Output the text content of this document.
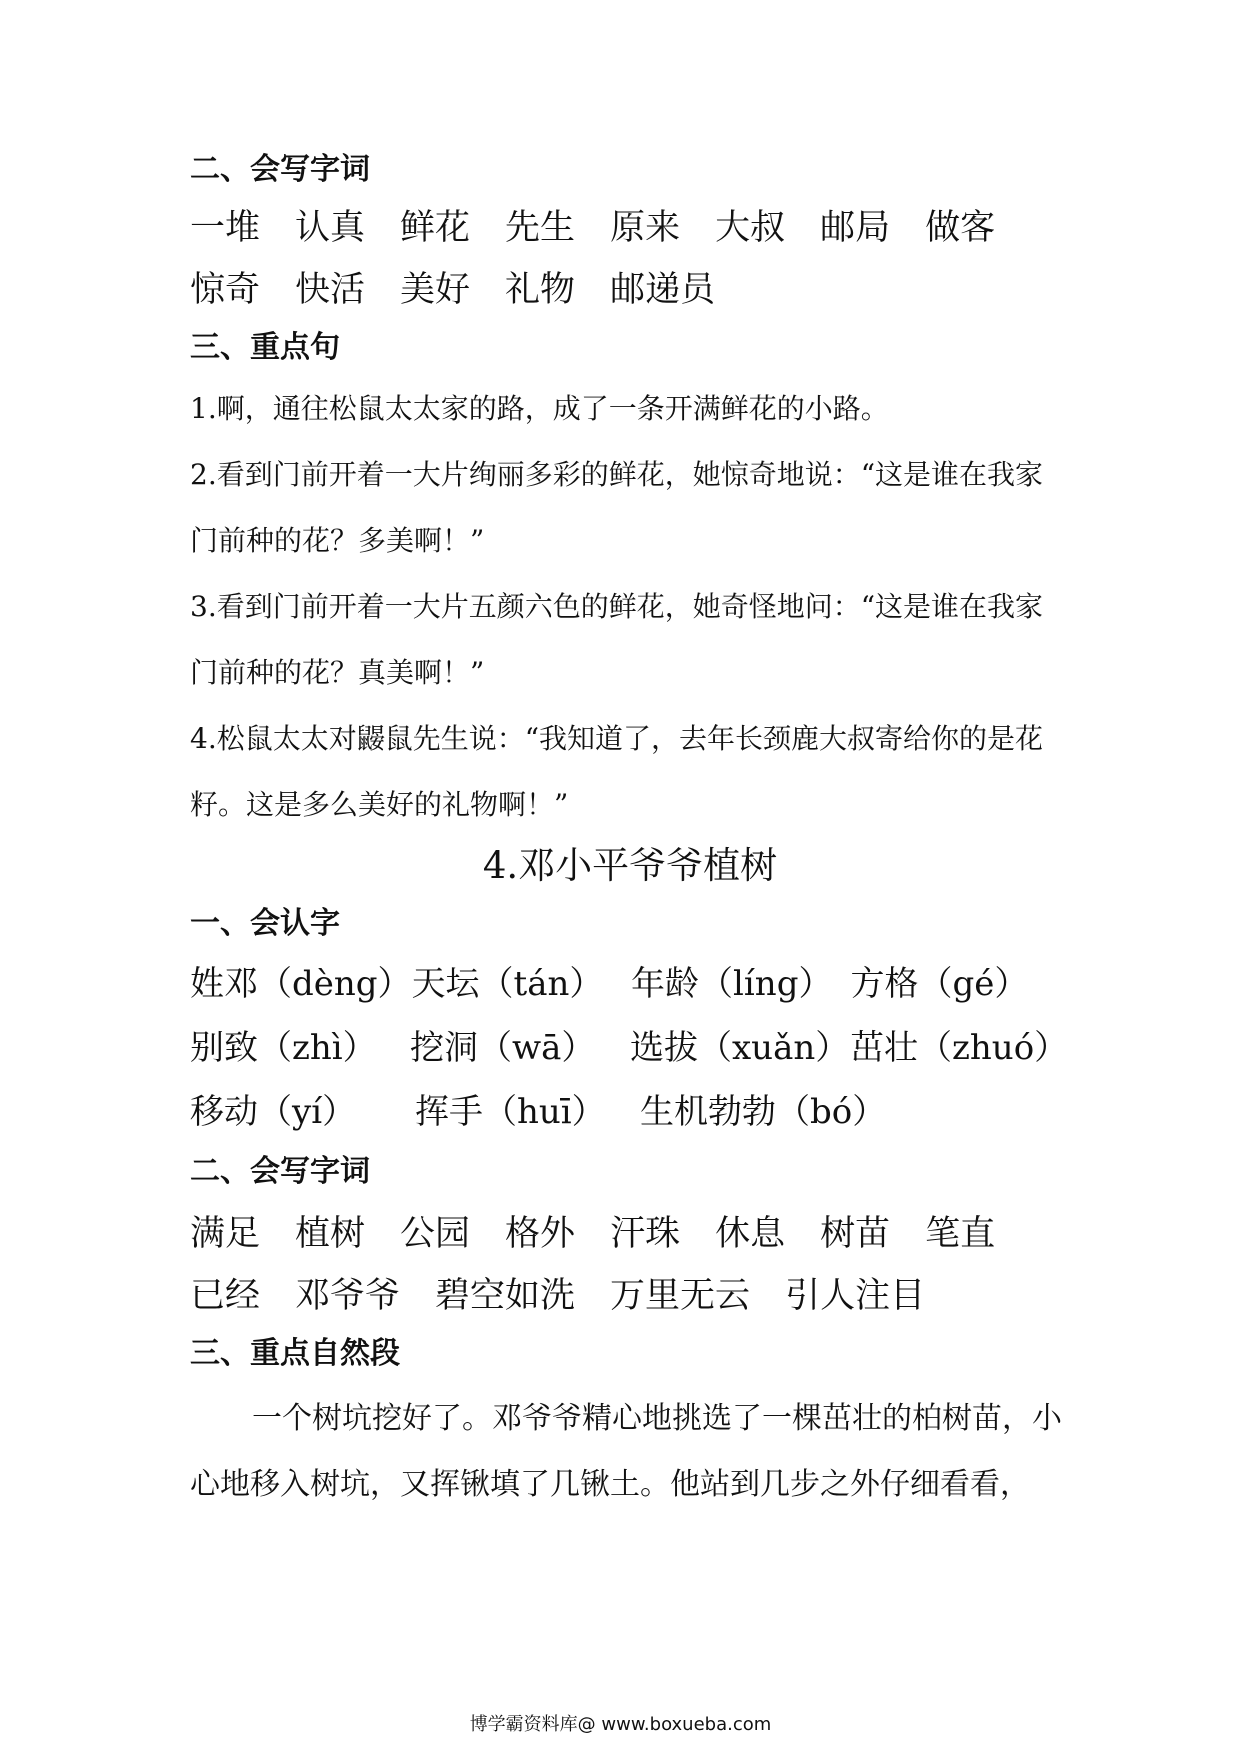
二、会写字词
一堆 认真 鲜花 先生 原来 大叔 邮局 做客
惊奇 快活 美好 礼物 邮递员
三、重点句
1.啊，通往松鼠太太家的路，成了一条开满鲜花的小路。
2.看到门前开着一大片绚丽多彩的鲜花，她惊奇地说：“这是谁在我家门前种的花？多美啊！”
3.看到门前开着一大片五颜六色的鲜花，她奇怪地问：“这是谁在我家门前种的花？真美啊！”
4.松鼠太太对鼹鼠先生说：“我知道了，去年长颈鹿大叔寄给你的是花籽。这是多么美好的礼物啊！”
4.邓小平爷爷植树
一、会认字
姓邓（dèng） 天坛（tán） 年龄（líng） 方格（gé）
别致（zhì） 挖洞（wā）	选拔（xuǎn） 茁壮（zhuó）
移动（yí）	挥手（huī）	生机勃勃（bó）
二、会写字词
满足 植树 公园 格外 汗珠 休息 树苗 笔直
已经 邓爷爷 碧空如洗 万里无云 引人注目
三、重点自然段
一个树坑挖好了。邓爷爷精心地挑选了一棵茁壮的柏树苗，小心地移入树坑，又挥锹填了几锹土。他站到几步之外仔细看看，
博学霸资料库@ www.boxueba.com
